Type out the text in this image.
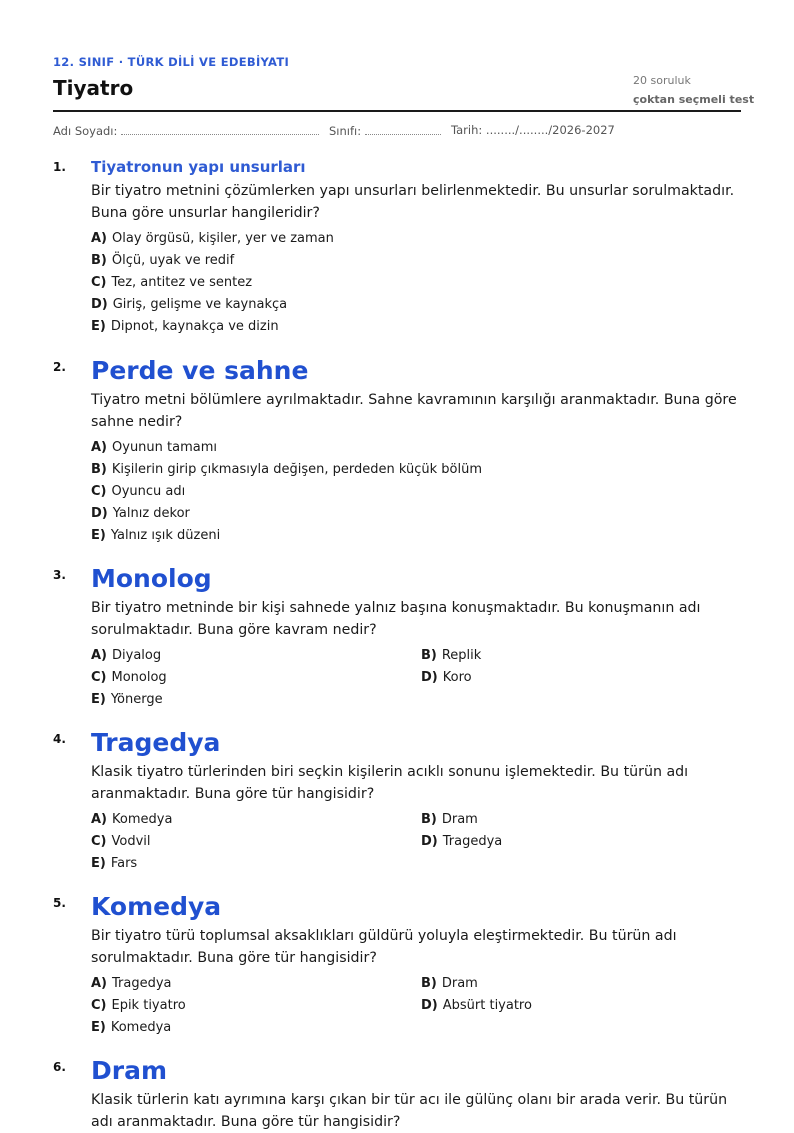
12. SINIF · TÜRK DİLİ VE EDEBİYATI
Tiyatro	20 soruluk
çoktan seçmeli test
Adı Soyadı:	Sınıfı:	Tarih: ......../......../2026-2027
1. Tiyatronun yapı unsurları
Bir tiyatro metnini çözümlerken yapı unsurları belirlenmektedir. Bu unsurlar sorulmaktadır. Buna göre unsurlar hangileridir?
A) Olay örgüsü, kişiler, yer ve zaman
B) Ölçü, uyak ve redif
C) Tez, antitez ve sentez
D) Giriş, gelişme ve kaynakça
E) Dipnot, kaynakça ve dizin
2. Perde ve sahne
Tiyatro metni bölümlere ayrılmaktadır. Sahne kavramının karşılığı aranmaktadır. Buna göre sahne nedir?
A) Oyunun tamamı
B) Kişilerin girip çıkmasıyla değişen, perdeden küçük bölüm
C) Oyuncu adı
D) Yalnız dekor
E) Yalnız ışık düzeni
3. Monolog
Bir tiyatro metninde bir kişi sahnede yalnız başına konuşmaktadır. Bu konuşmanın adı sorulmaktadır. Buna göre kavram nedir?
A) Diyalog	B) Replik
C) Monolog	D) Koro
E) Yönerge
4. Tragedya
Klasik tiyatro türlerinden biri seçkin kişilerin acıklı sonunu işlemektedir. Bu türün adı aranmaktadır. Buna göre tür hangisidir?
A) Komedya	B) Dram
C) Vodvil	D) Tragedya
E) Fars
5. Komedya
Bir tiyatro türü toplumsal aksaklıkları güldürü yoluyla eleştirmektedir. Bu türün adı sorulmaktadır. Buna göre tür hangisidir?
A) Tragedya	B) Dram
C) Epik tiyatro	D) Absürt tiyatro
E) Komedya
6. Dram
Klasik türlerin katı ayrımına karşı çıkan bir tür acı ile gülünç olanı bir arada verir. Bu türün adı aranmaktadır. Buna göre tür hangisidir?
